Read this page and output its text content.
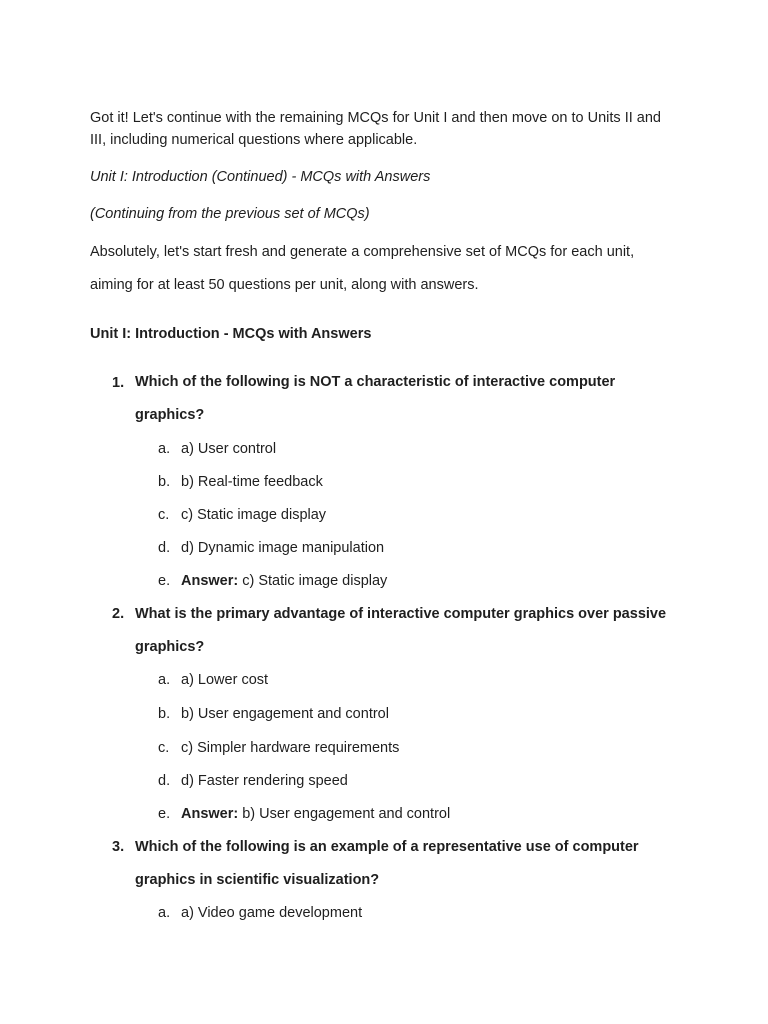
Got it! Let's continue with the remaining MCQs for Unit I and then move on to Units II and III, including numerical questions where applicable.

Unit I: Introduction (Continued) - MCQs with Answers

(Continuing from the previous set of MCQs)

Absolutely, let's start fresh and generate a comprehensive set of MCQs for each unit,

aiming for at least 50 questions per unit, along with answers.

Unit I: Introduction - MCQs with Answers

1. Which of the following is NOT a characteristic of interactive computer graphics?
a. a) User control
b. b) Real-time feedback
c. c) Static image display
d. d) Dynamic image manipulation
e. Answer: c) Static image display
2. What is the primary advantage of interactive computer graphics over passive graphics?
a. a) Lower cost
b. b) User engagement and control
c. c) Simpler hardware requirements
d. d) Faster rendering speed
e. Answer: b) User engagement and control
3. Which of the following is an example of a representative use of computer graphics in scientific visualization?
a. a) Video game development
